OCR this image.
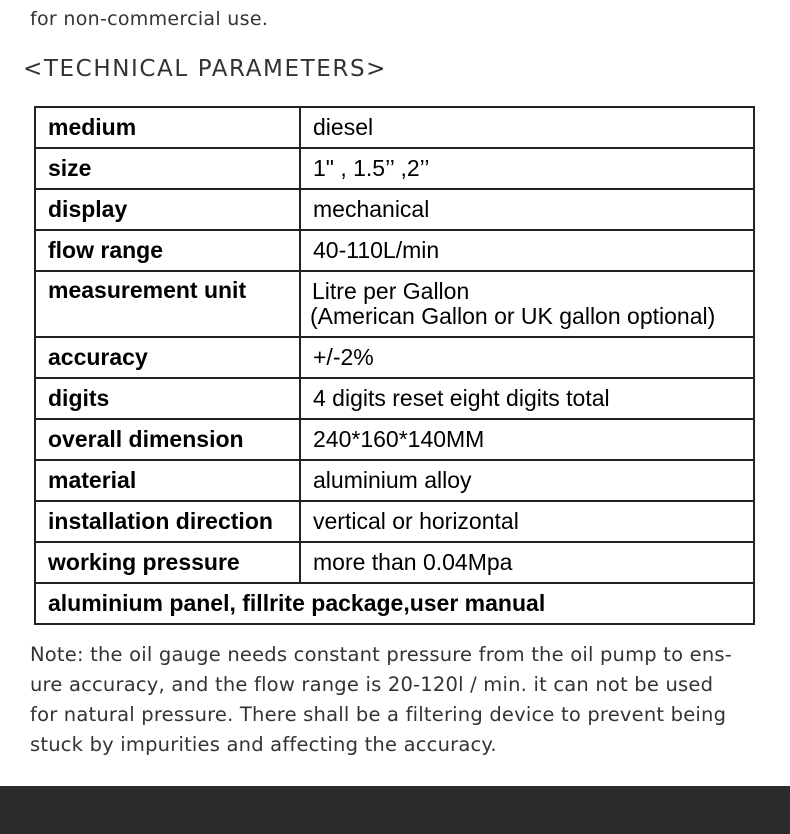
for non-commercial use.
<TECHNICAL PARAMETERS>
medium	diesel
size	1" , 1.5’’ ,2’’
display	mechanical
flow range	40-110L/min
measurement unit	Litre per Gallon
(American Gallon or UK gallon optional)

accuracy	+/-2%
digits	4 digits reset eight digits total
overall dimension	240*160*140MM
material	aluminium alloy
installation direction	vertical or horizontal
working pressure	more than 0.04Mpa
aluminium panel, fillrite package,user manual	
Note: the oil gauge needs constant pressure from the oil pump to ens-
ure accuracy, and the flow range is 20-120l / min. it can not be used
for natural pressure. There shall be a filtering device to prevent being
stuck by impurities and affecting the accuracy.
